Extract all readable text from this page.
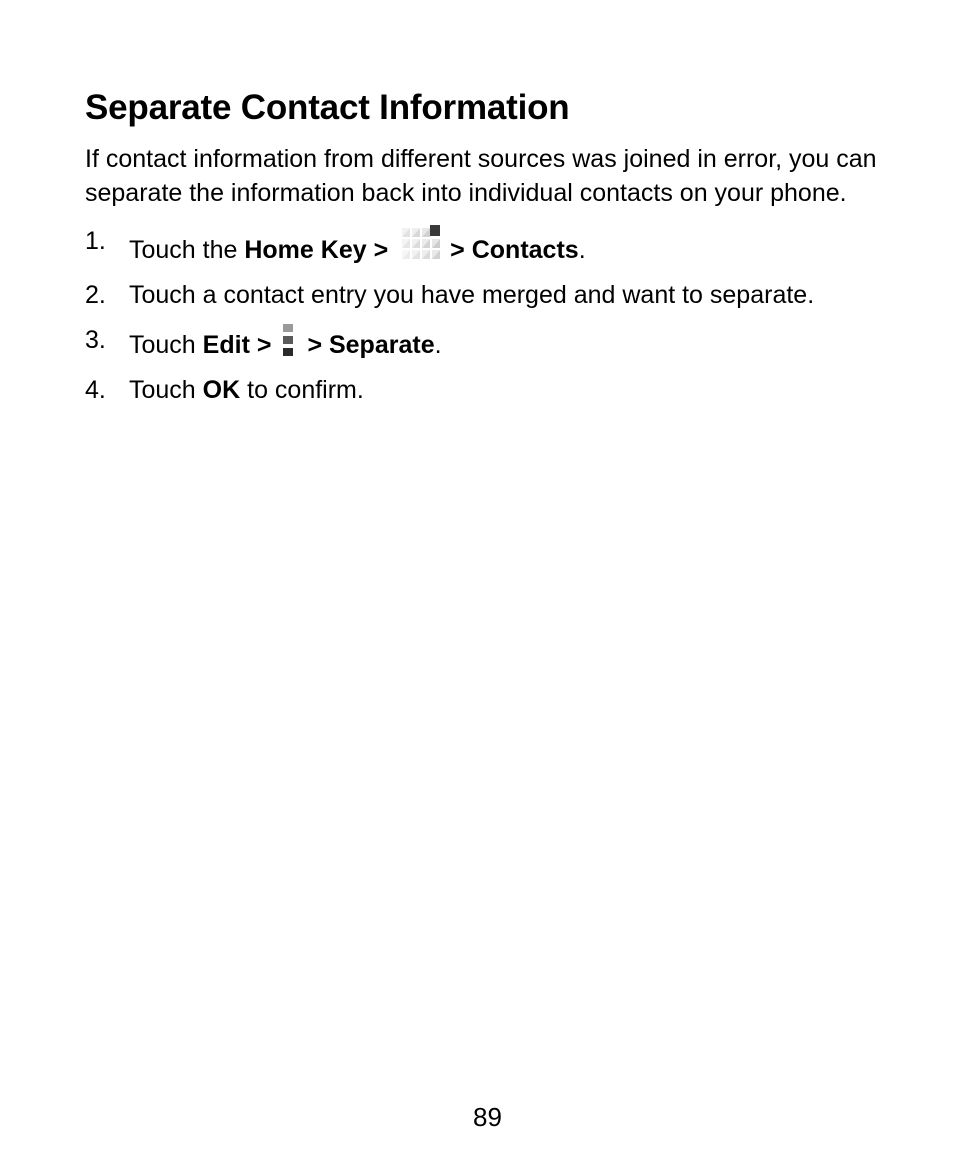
Separate Contact Information

If contact information from different sources was joined in error, you can separate the information back into individual contacts on your phone.

1. Touch the Home Key > > Contacts.
2. Touch a contact entry you have merged and want to separate.
3. Touch Edit > > Separate.
4. Touch OK to confirm.
89
